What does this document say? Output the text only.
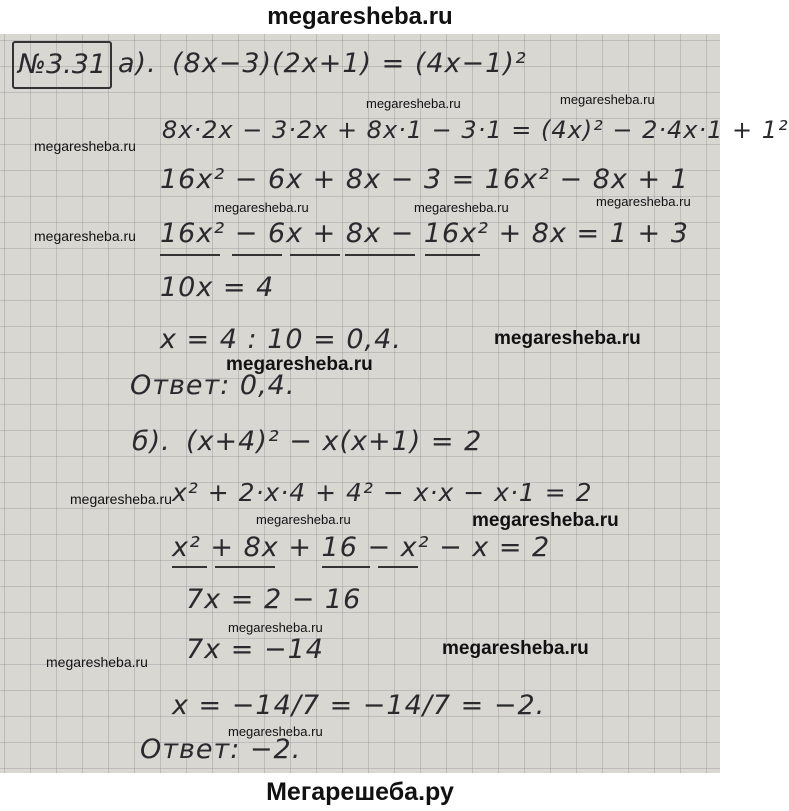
megaresheba.ru
№3.31 а). (8x−3)(2x+1) = (4x−1)²
8x·2x − 3·2x + 8x·1 − 3·1 = (4x)² − 2·4x·1 + 1²
16x² − 6x + 8x − 3 = 16x² − 8x + 1
16x² − 6x + 8x − 16x² + 8x = 1 + 3
10x = 4
x = 4 : 10 = 0,4.
Ответ: 0,4.
б). (x+4)² − x(x+1) = 2
x² + 2·x·4 + 4² − x·x − x·1 = 2
x² + 8x + 16 − x² − x = 2
7x = 2 − 16
7x = −14
x = −14/7 = −14/7 = −2.
Ответ: −2.
megaresheba.ru	megaresheba.ru
megaresheba.ru
megaresheba.ru
megaresheba.ru	megaresheba.ru
megaresheba.ru
megaresheba.ru
megaresheba.ru
megaresheba.ru
megaresheba.ru	megaresheba.ru
megaresheba.ru
megaresheba.ru
megaresheba.ru
megaresheba.ru
Мегарешеба.ру
